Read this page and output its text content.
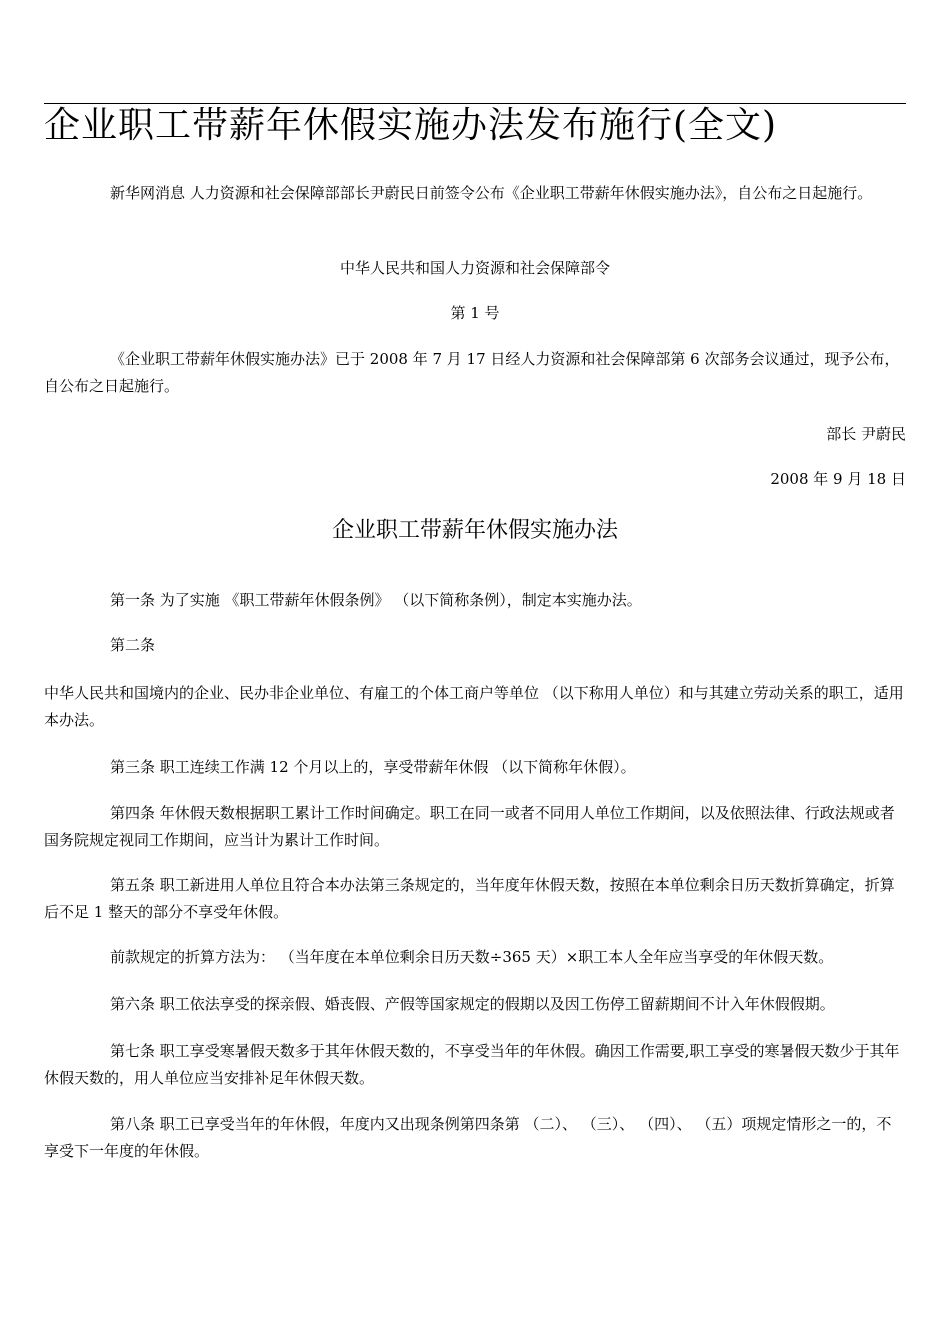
企业职工带薪年休假实施办法发布施行(全文)

新华网消息 人力资源和社会保障部部长尹蔚民日前签令公布《企业职工带薪年休假实施办法》，自公布之日起施行。

中华人民共和国人力资源和社会保障部令

第 1 号

《企业职工带薪年休假实施办法》已于 2008 年 7 月 17 日经人力资源和社会保障部第 6 次部务会议通过，现予公布，自公布之日起施行。

部长 尹蔚民

2008 年 9 月 18 日

企业职工带薪年休假实施办法

第一条 为了实施 《职工带薪年休假条例》 （以下简称条例），制定本实施办法。

第二条

中华人民共和国境内的企业、民办非企业单位、有雇工的个体工商户等单位 （以下称用人单位）和与其建立劳动关系的职工，适用本办法。

第三条 职工连续工作满 12 个月以上的，享受带薪年休假 （以下简称年休假）。

第四条 年休假天数根据职工累计工作时间确定。职工在同一或者不同用人单位工作期间，以及依照法律、行政法规或者国务院规定视同工作期间，应当计为累计工作时间。

第五条 职工新进用人单位且符合本办法第三条规定的，当年度年休假天数，按照在本单位剩余日历天数折算确定，折算后不足 1 整天的部分不享受年休假。

前款规定的折算方法为： （当年度在本单位剩余日历天数÷365 天）×职工本人全年应当享受的年休假天数。

第六条 职工依法享受的探亲假、婚丧假、产假等国家规定的假期以及因工伤停工留薪期间不计入年休假假期。

第七条 职工享受寒暑假天数多于其年休假天数的，不享受当年的年休假。确因工作需要,职工享受的寒暑假天数少于其年休假天数的，用人单位应当安排补足年休假天数。

第八条 职工已享受当年的年休假，年度内又出现条例第四条第 （二）、 （三）、 （四）、 （五）项规定情形之一的，不享受下一年度的年休假。
